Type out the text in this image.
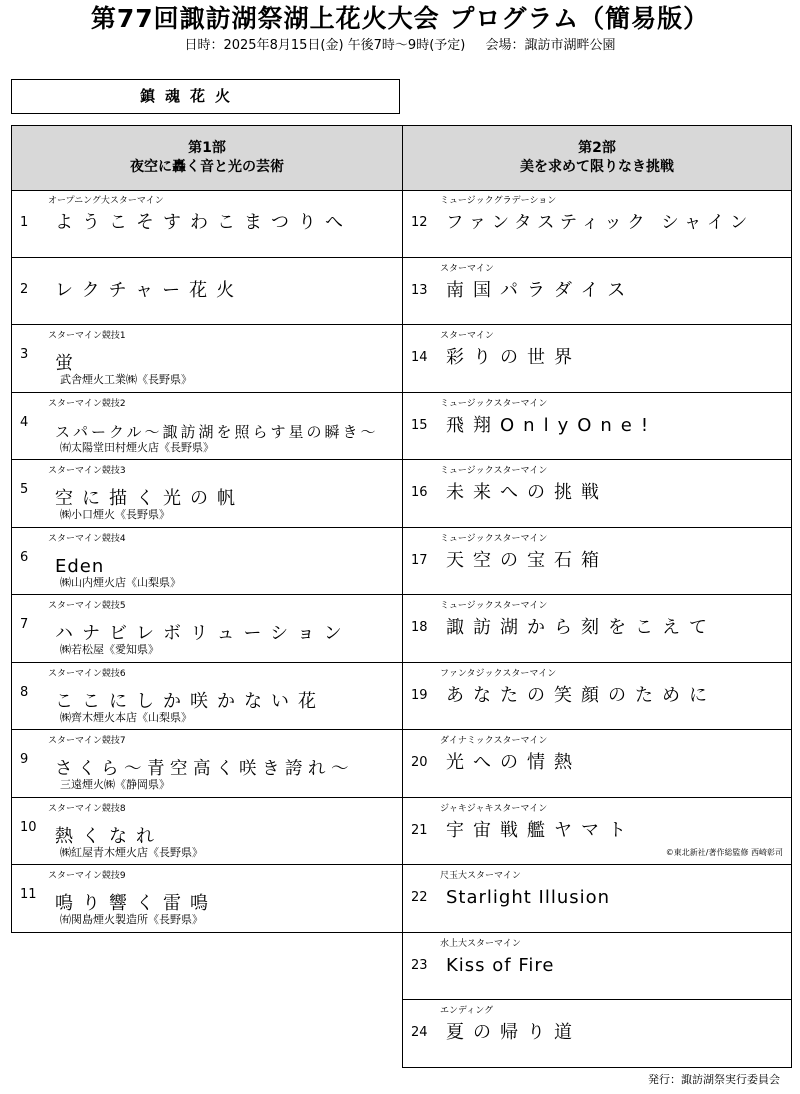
第77回諏訪湖祭湖上花火大会 プログラム（簡易版）
日時：2025年8月15日(金) 午後7時～9時(予定) 会場：諏訪市湖畔公園
鎮魂花火
第1部
夜空に轟く音と光の芸術
第2部
美を求めて限りなき挑戦
オープニング大スターマイン
1 ようこそすわこまつりへ
2 レクチャー花火
スターマイン競技1
3 蛍
武舎煙火工業㈱《長野県》
スターマイン競技2
4
スパークル～諏訪湖を照らす星の瞬き～
㈲太陽堂田村煙火店《長野県》
スターマイン競技3
5 空に描く光の帆
㈱小口煙火《長野県》
スターマイン競技4
6 Eden
㈱山内煙火店《山梨県》
スターマイン競技5
7 ハナビレボリューション
㈱若松屋《愛知県》
スターマイン競技6
8 ここにしか咲かない花
㈱齊木煙火本店《山梨県》
スターマイン競技7
9 さくら～青空高く咲き誇れ～
三遠煙火㈱《静岡県》
スターマイン競技8
10 熱くなれ
㈱紅屋青木煙火店《長野県》
スターマイン競技9
11 鳴り響く雷鳴
㈲関島煙火製造所《長野県》
ミュージックグラデーション
12 ファンタスティック シャイン
スターマイン
13 南国パラダイス
スターマイン
14 彩りの世界
ミュージックスターマイン
15 飛翔OnlyOne!
ミュージックスターマイン
16 未来への挑戦
ミュージックスターマイン
17 天空の宝石箱
ミュージックスターマイン
18 諏訪湖から刻をこえて
ファンタジックスターマイン
19 あなたの笑顔のために
ダイナミックスターマイン
20 光への情熱
ジャキジャキスターマイン
21 宇宙戦艦ヤマト
©東北新社/著作総監修 西崎彰司
尺玉大スターマイン
22 Starlight Illusion
水上大スターマイン
23 Kiss of Fire
エンディング
24 夏の帰り道
発行：諏訪湖祭実行委員会
